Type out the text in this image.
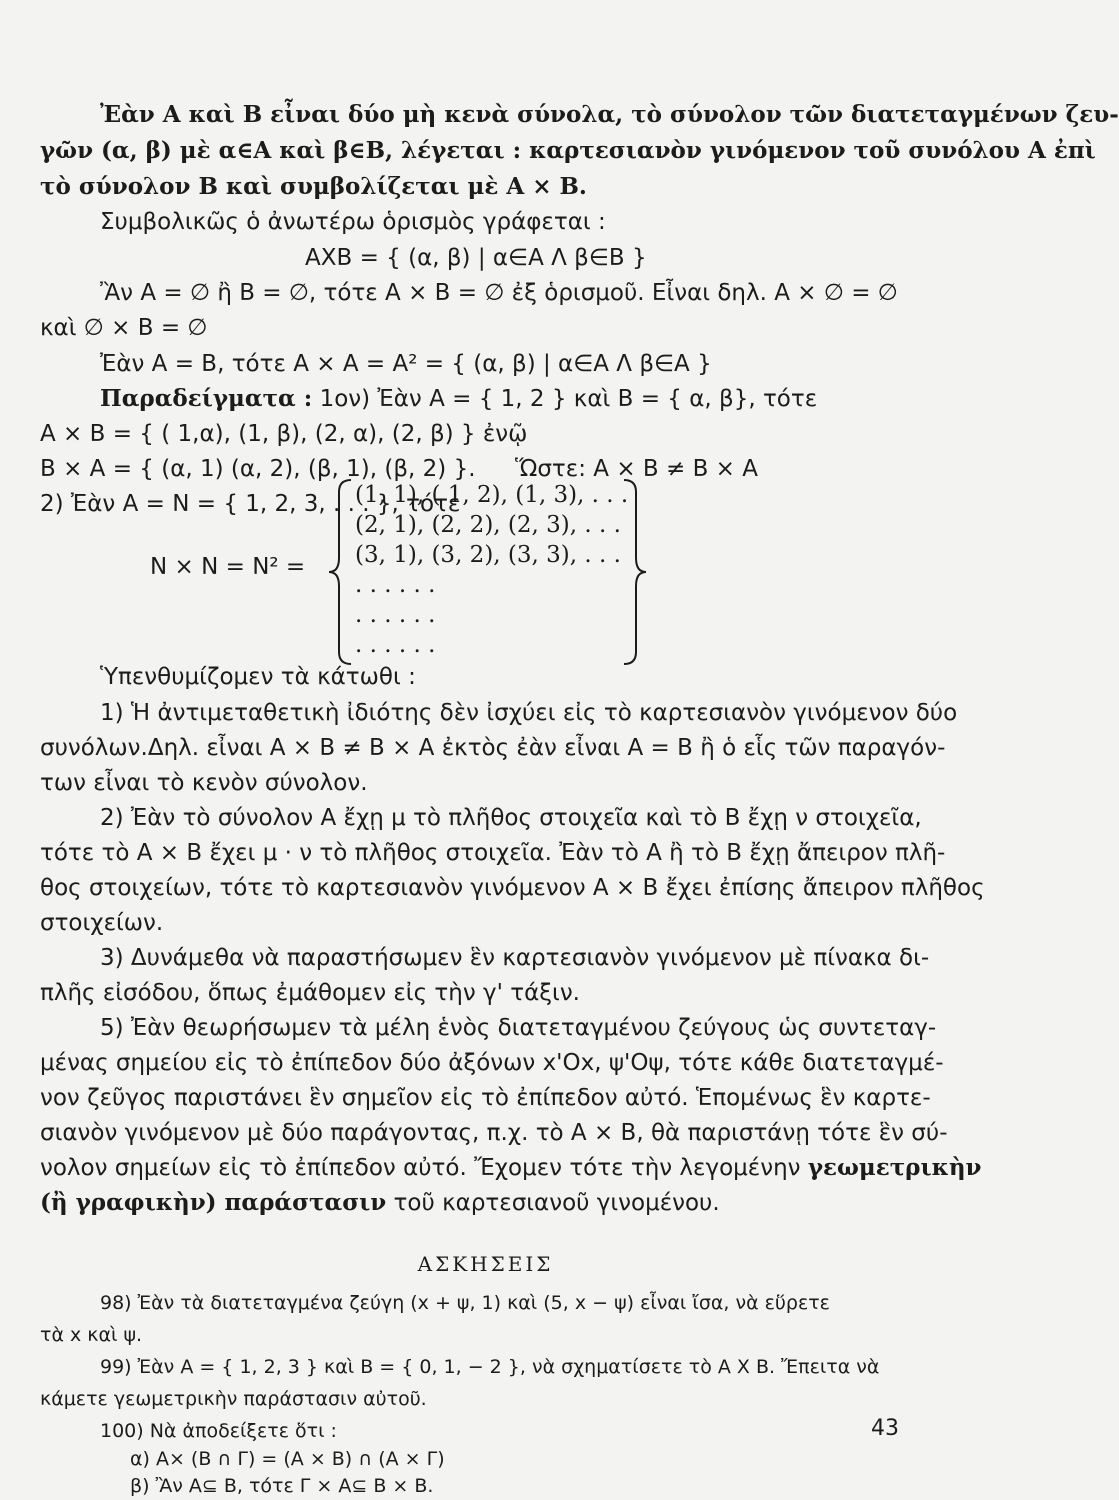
Ἐὰν Α καὶ Β εἶναι δύο μὴ κενὰ σύνολα, τὸ σύνολον τῶν διατεταγμένων ζευ-
γῶν (α, β) μὲ α∈Α καὶ β∈Β, λέγεται : καρτεσιανὸν γινόμενον τοῦ συνόλου Α ἐπὶ
τὸ σύνολον Β καὶ συμβολίζεται μὲ Α × Β.
Συμβολικῶς ὁ ἀνωτέρω ὁρισμὸς γράφεται :
ΑΧΒ = { (α, β) | α∈Α Λ β∈Β }
Ἂν Α = ∅ ἢ Β = ∅, τότε Α × Β = ∅ ἐξ ὁρισμοῦ. Εἶναι δηλ. Α × ∅ = ∅
καὶ ∅ × Β = ∅
Ἐὰν Α = Β, τότε Α × Α = Α² = { (α, β) | α∈Α Λ β∈Α }
Παραδείγματα : 1ον) Ἐὰν Α = { 1, 2 } καὶ Β = { α, β}, τότε
Α × Β = { ( 1,α), (1, β), (2, α), (2, β) } ἐνῷ
Β × Α = { (α, 1) (α, 2), (β, 1), (β, 2) }. Ὥστε: Α × Β ≠ Β × Α
2) Ἐὰν Α = Ν = { 1, 2, 3, . . . }, τότε
Ν × Ν = Ν² =
(1, 1), ( 1, 2), (1, 3), . . .
(2, 1), (2, 2), (2, 3), . . .
(3, 1), (3, 2), (3, 3), . . .
. . . . . .
. . . . . .
. . . . . .
Ὑπενθυμίζομεν τὰ κάτωθι :
1) Ἡ ἀντιμεταθετικὴ ἰδιότης δὲν ἰσχύει εἰς τὸ καρτεσιανὸν γινόμενον δύο
συνόλων.Δηλ. εἶναι Α × Β ≠ Β × Α ἐκτὸς ἐὰν εἶναι Α = Β ἢ ὁ εἷς τῶν παραγόν-
των εἶναι τὸ κενὸν σύνολον.
2) Ἐὰν τὸ σύνολον Α ἔχῃ μ τὸ πλῆθος στοιχεῖα καὶ τὸ Β ἔχῃ ν στοιχεῖα,
τότε τὸ Α × Β ἔχει μ · ν τὸ πλῆθος στοιχεῖα. Ἐὰν τὸ Α ἢ τὸ Β ἔχῃ ἄπειρον πλῆ-
θος στοιχείων, τότε τὸ καρτεσιανὸν γινόμενον Α × Β ἔχει ἐπίσης ἄπειρον πλῆθος
στοιχείων.
3) Δυνάμεθα νὰ παραστήσωμεν ἓν καρτεσιανὸν γινόμενον μὲ πίνακα δι-
πλῆς εἰσόδου, ὅπως ἐμάθομεν εἰς τὴν γ' τάξιν.
5) Ἐὰν θεωρήσωμεν τὰ μέλη ἑνὸς διατεταγμένου ζεύγους ὡς συντεταγ-
μένας σημείου εἰς τὸ ἐπίπεδον δύο ἀξόνων x'Ox, ψ'Oψ, τότε κάθε διατεταγμέ-
νον ζεῦγος παριστάνει ἓν σημεῖον εἰς τὸ ἐπίπεδον αὐτό. Ἑπομένως ἓν καρτε-
σιανὸν γινόμενον μὲ δύο παράγοντας, π.χ. τὸ Α × Β, θὰ παριστάνῃ τότε ἓν σύ-
νολον σημείων εἰς τὸ ἐπίπεδον αὐτό. Ἔχομεν τότε τὴν λεγομένην γεωμετρικὴν
(ἢ γραφικὴν) παράστασιν τοῦ καρτεσιανοῦ γινομένου.
ΑΣΚΗΣΕΙΣ
98) Ἐὰν τὰ διατεταγμένα ζεύγη (x + ψ, 1) καὶ (5, x − ψ) εἶναι ἴσα, νὰ εὕρετε
τὰ x καὶ ψ.
99) Ἐὰν Α = { 1, 2, 3 } καὶ Β = { 0, 1, − 2 }, νὰ σχηματίσετε τὸ Α Χ Β. Ἔπειτα νὰ
κάμετε γεωμετρικὴν παράστασιν αὐτοῦ.
100) Νὰ ἀποδείξετε ὅτι :
α) Α× (Β ∩ Γ) = (Α × Β) ∩ (Α × Γ)
β) Ἂν Α⊆ Β, τότε Γ × Α⊆ Β × Β.
43
